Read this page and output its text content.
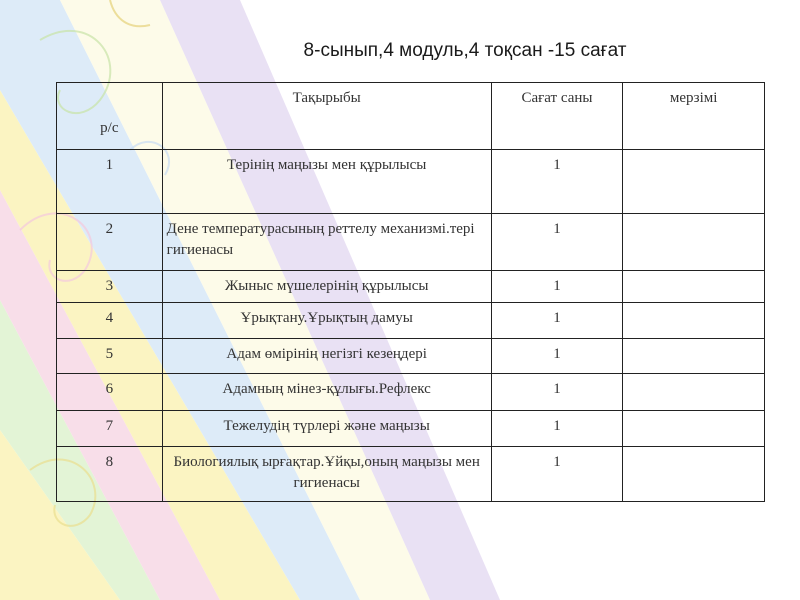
8-сынып,4 модуль,4 тоқсан -15 сағат
р/с	Тақырыбы	Сағат саны	мерзімі
1	Терінің маңызы мен құрылысы	1	
2	Дене температурасының реттелу механизмі.тері гигиенасы	1	
3	Жыныс мүшелерінің құрылысы	1	
4	Ұрықтану.Ұрықтың дамуы	1	
5	Адам өмірінің негізгі кезеңдері	1	
6	Адамның мінез-құлығы.Рефлекс	1	
7	Тежелудің түрлері және маңызы	1	
8	Биологиялық ырғақтар.Ұйқы,оның маңызы мен гигиенасы	1	
